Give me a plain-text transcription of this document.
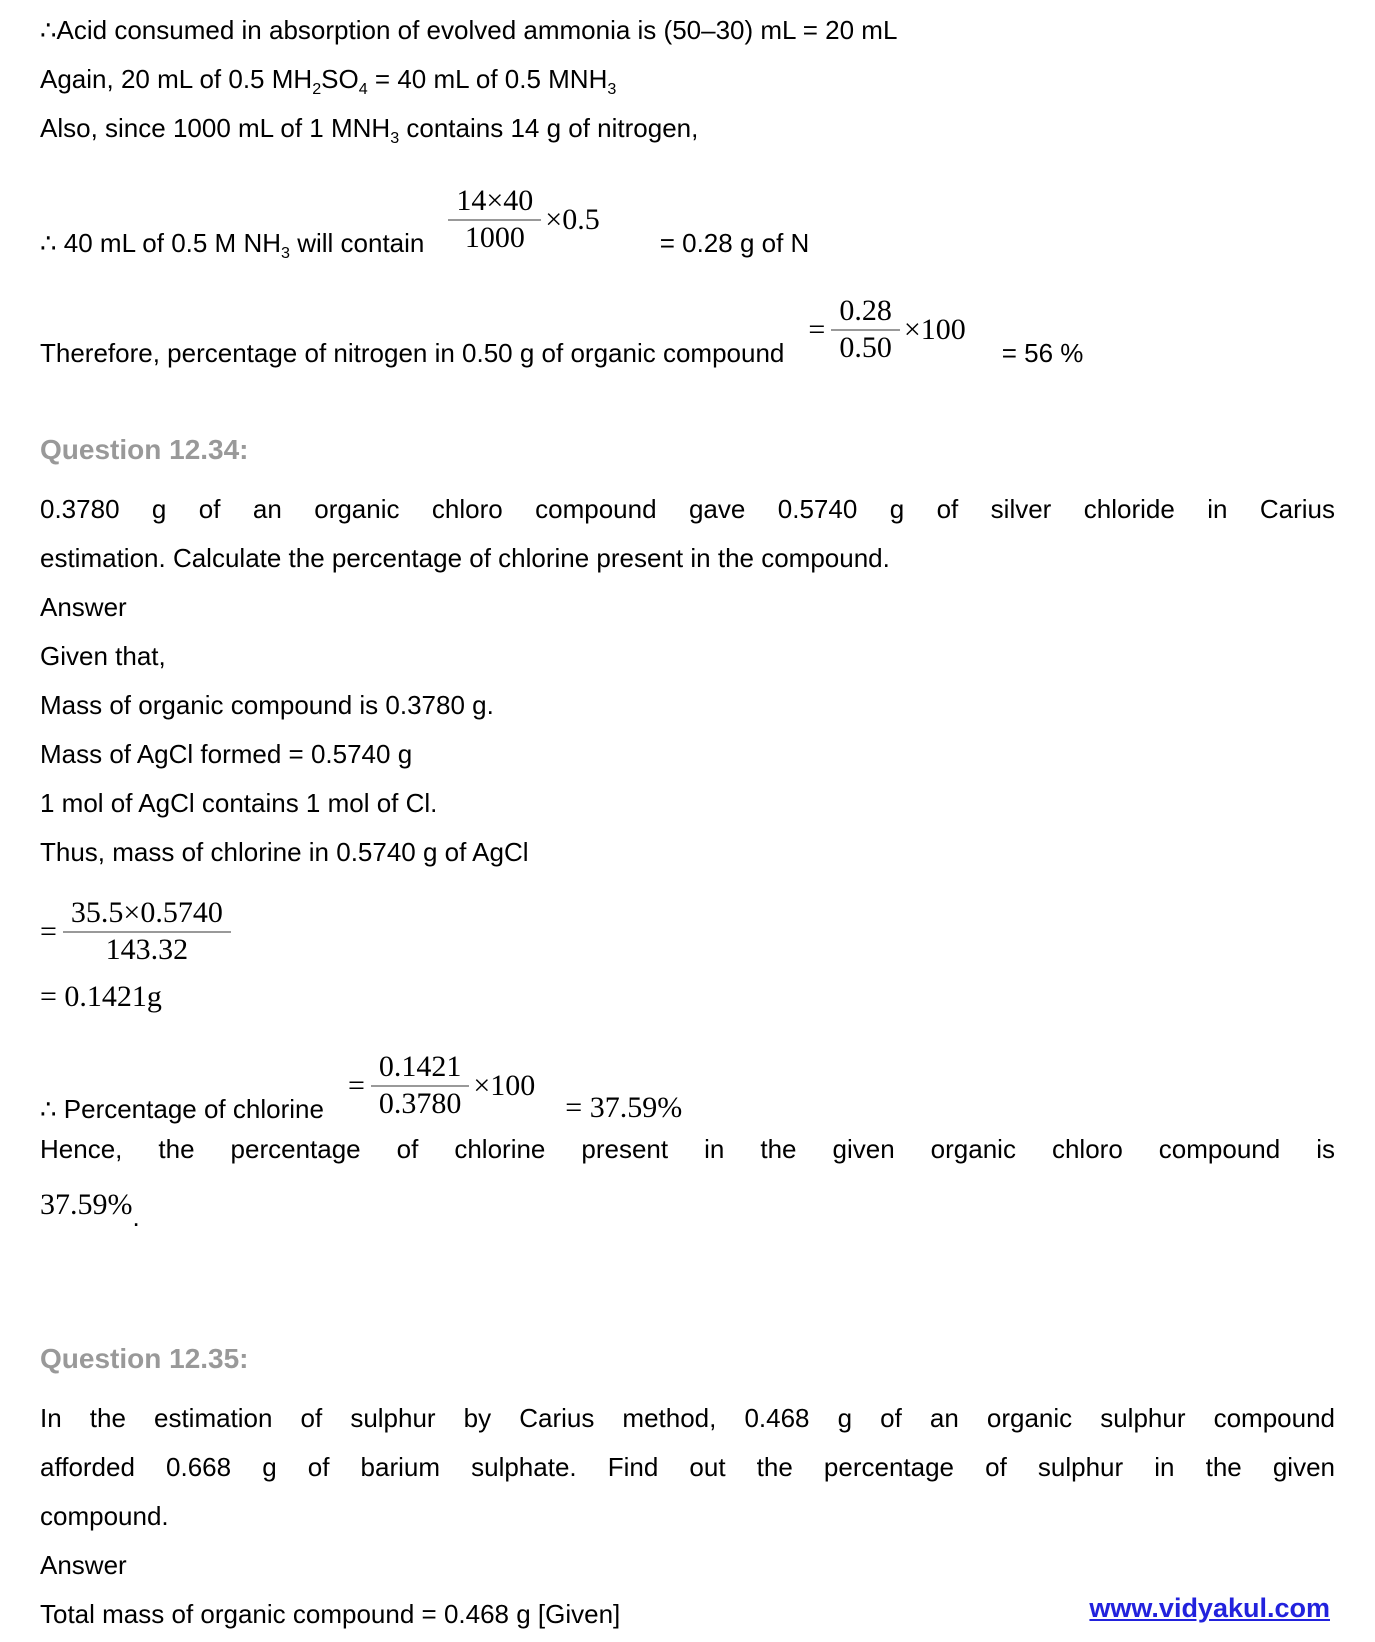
∴Acid consumed in absorption of evolved ammonia is (50–30) mL = 20 mL

Again, 20 mL of 0.5 $MH_2SO_4 = 40$ mL of 0.5 $MNH_3$

Also, since 1000 mL of 1 $MNH_3$ contains 14 g of nitrogen,

∴ 40 mL of 0.5 M $NH_3$ will contain $\frac{14\times 40}{1000} \times 0.5$
= 0.28 g of N
Therefore, percentage of nitrogen in 0.50 g of organic compound
= $\frac{0.28}{0.50} \times 100$
= 56 %

Question 12.34:

0.3780 g of an organic chloro compound gave 0.5740 g of silver chloride in Carius
estimation. Calculate the percentage of chlorine present in the compound.

Answer

Given that,

Mass of organic compound is 0.3780 g.

Mass of AgCl formed = 0.5740 g

1 mol of AgCl contains 1 mol of Cl.

Thus, mass of chlorine in 0.5740 g of AgCl

= $\frac{35.5\times 0.5740}{143.32}$

= 0.1421g

∴ Percentage of chlorine
= $\frac{0.1421}{0.3780} \times 100$
= 37.59%
Hence, the percentage of chlorine present in the given organic chloro compound is

37.59%.

Question 12.35:

In the estimation of sulphur by Carius method, 0.468 g of an organic sulphur compound
afforded 0.668 g of barium sulphate. Find out the percentage of sulphur in the given
compound.

Answer

Total mass of organic compound = 0.468 g [Given]	www.vidyakul.com
